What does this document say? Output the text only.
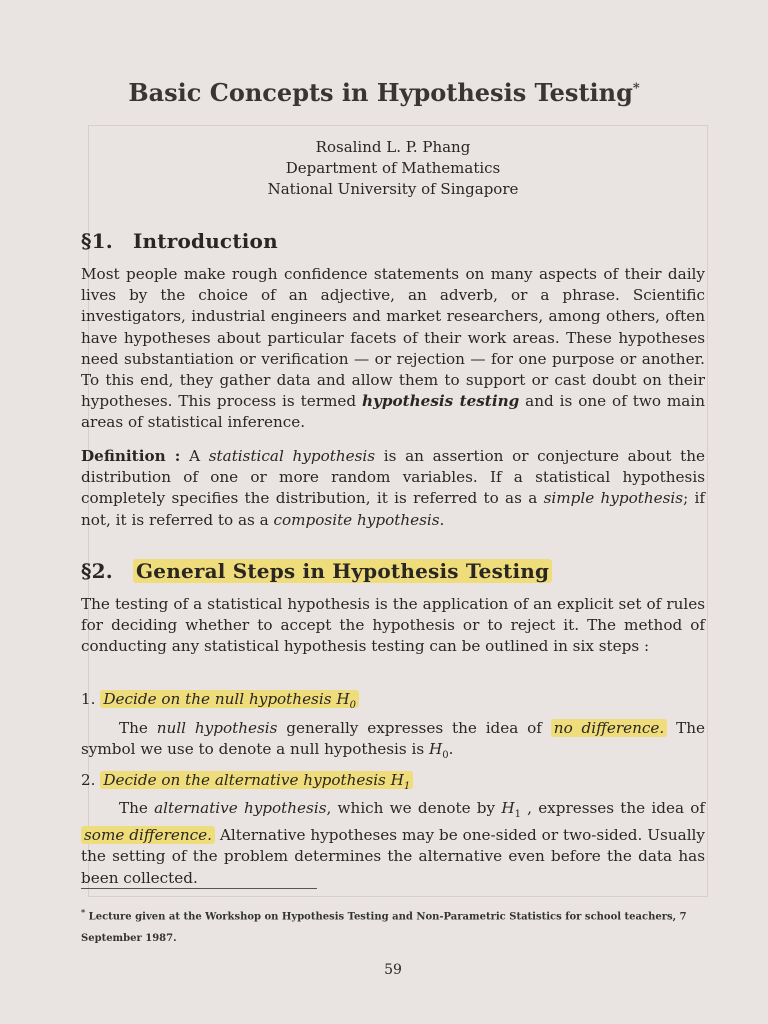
Basic Concepts in Hypothesis Testing*
Rosalind L. P. Phang
Department of Mathematics
National University of Singapore
§1. Introduction

Most people make rough confidence statements on many aspects of their daily lives by the choice of an adjective, an adverb, or a phrase. Scientific investigators, industrial engineers and market researchers, among others, often have hypotheses about particular facets of their work areas. These hypotheses need substantiation or verification — or rejection — for one purpose or another. To this end, they gather data and allow them to support or cast doubt on their hypotheses. This process is termed hypothesis testing and is one of two main areas of statistical inference.

Definition : A statistical hypothesis is an assertion or conjecture about the distribution of one or more random variables. If a statistical hypothesis completely specifies the distribution, it is referred to as a simple hypothesis; if not, it is referred to as a composite hypothesis.

§2. General Steps in Hypothesis Testing

The testing of a statistical hypothesis is the application of an explicit set of rules for deciding whether to accept the hypothesis or to reject it. The method of conducting any statistical hypothesis testing can be outlined in six steps :

1. Decide on the null hypothesis $H_0$

The null hypothesis generally expresses the idea of no difference. The symbol we use to denote a null hypothesis is $H_0$.

2. Decide on the alternative hypothesis $H_1$

The alternative hypothesis, which we denote by $H_1$ , expresses the idea of some difference. Alternative hypotheses may be one-sided or two-sided. Usually the setting of the problem determines the alternative even before the data has been collected.

* Lecture given at the Workshop on Hypothesis Testing and Non-Parametric Statistics for school teachers, 7 September 1987.
59
